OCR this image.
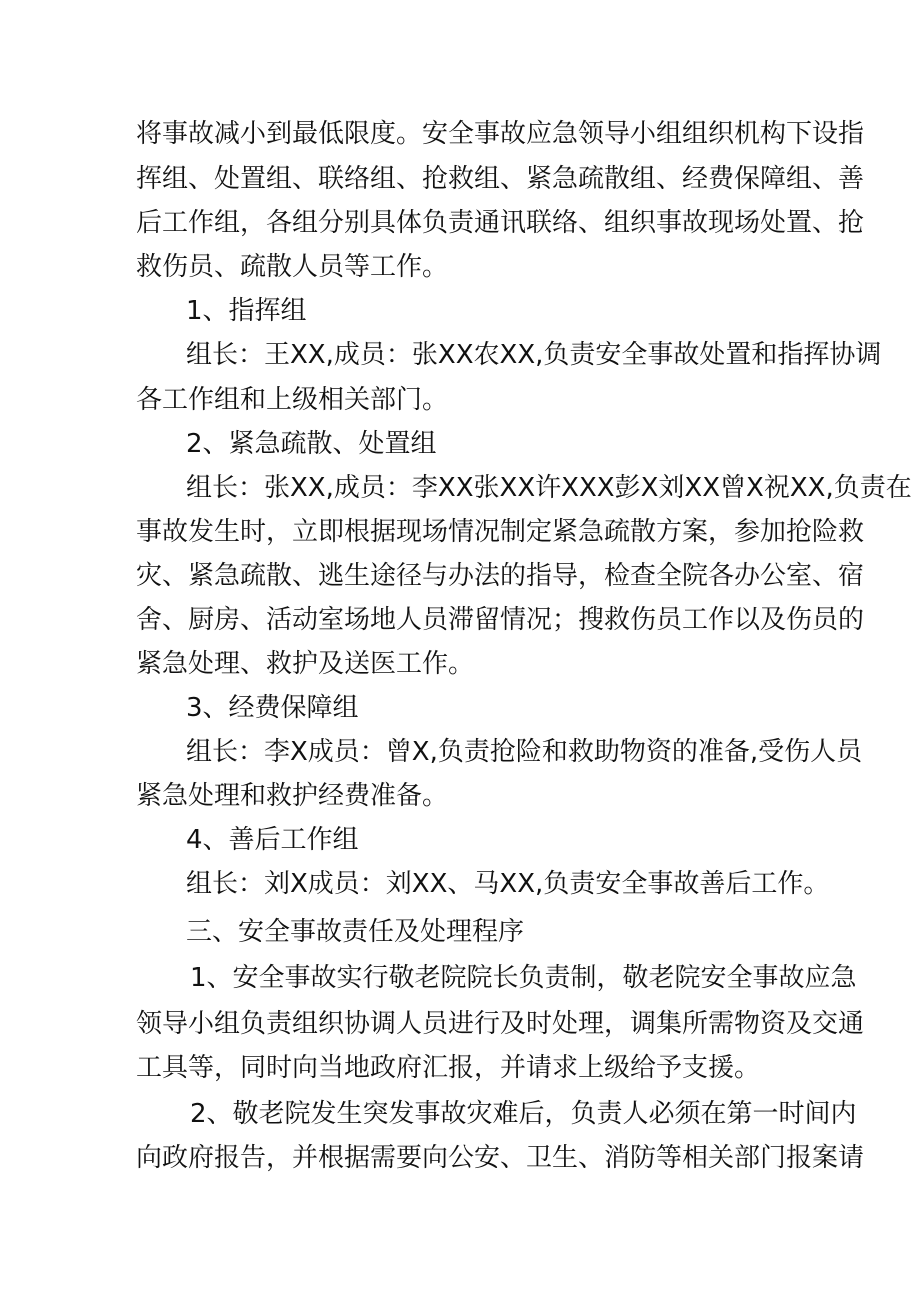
将事故减小到最低限度。安全事故应急领导小组组织机构下设指
挥组、处置组、联络组、抢救组、紧急疏散组、经费保障组、善
后工作组，各组分别具体负责通讯联络、组织事故现场处置、抢
救伤员、疏散人员等工作。
1、指挥组
组长：王XX,成员：张XX农XX,负责安全事故处置和指挥协调
各工作组和上级相关部门。
2、紧急疏散、处置组
组长：张XX,成员：李XX张XX许XXX彭X刘XX曾X祝XX,负责在
事故发生时，立即根据现场情况制定紧急疏散方案，参加抢险救
灾、紧急疏散、逃生途径与办法的指导，检查全院各办公室、宿
舍、厨房、活动室场地人员滞留情况；搜救伤员工作以及伤员的
紧急处理、救护及送医工作。
3、经费保障组
组长：李X成员：曾X,负责抢险和救助物资的准备,受伤人员
紧急处理和救护经费准备。
4、善后工作组
组长：刘X成员：刘XX、马XX,负责安全事故善后工作。
三、安全事故责任及处理程序
1、安全事故实行敬老院院长负责制，敬老院安全事故应急
领导小组负责组织协调人员进行及时处理，调集所需物资及交通
工具等，同时向当地政府汇报，并请求上级给予支援。
2、敬老院发生突发事故灾难后，负责人必须在第一时间内
向政府报告，并根据需要向公安、卫生、消防等相关部门报案请
